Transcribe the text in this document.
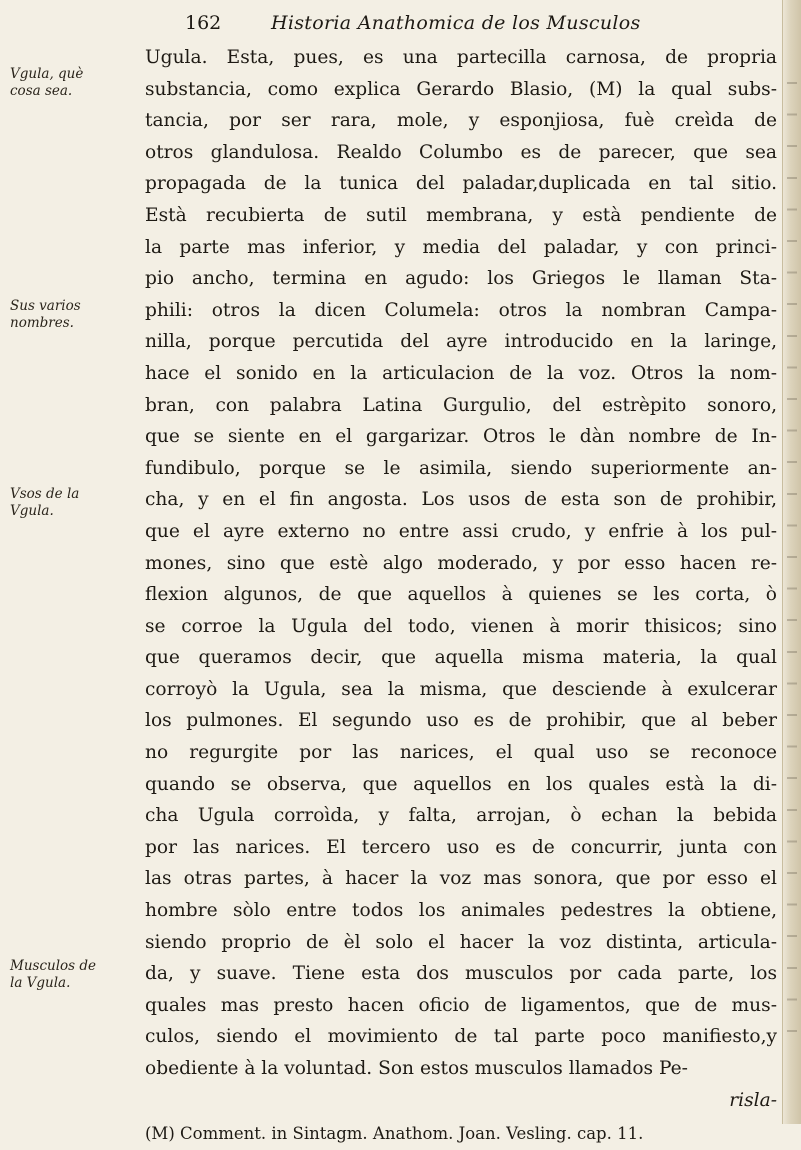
162	Historia Anathomica de los Musculos
Vgula, què
cosa sea.
Sus varios
nombres.
Vsos de la
Vgula.
Musculos de
la Vgula.
Ugula. Esta, pues, es una partecilla carnosa, de propria
substancia, como explica Gerardo Blasio, (M) la qual subs-
tancia, por ser rara, mole, y esponjiosa, fuè creìda de
otros glandulosa. Realdo Columbo es de parecer, que sea
propagada de la tunica del paladar,duplicada en tal sitio.
Està recubierta de sutil membrana, y està pendiente de
la parte mas inferior, y media del paladar, y con princi-
pio ancho, termina en agudo: los Griegos le llaman Sta-
phili: otros la dicen Columela: otros la nombran Campa-
nilla, porque percutida del ayre introducido en la laringe,
hace el sonido en la articulacion de la voz. Otros la nom-
bran, con palabra Latina Gurgulio, del estrèpito sonoro,
que se siente en el gargarizar. Otros le dàn nombre de In-
fundibulo, porque se le asimila, siendo superiormente an-
cha, y en el fin angosta. Los usos de esta son de prohibir,
que el ayre externo no entre assi crudo, y enfrie à los pul-
mones, sino que estè algo moderado, y por esso hacen re-
flexion algunos, de que aquellos à quienes se les corta, ò
se corroe la Ugula del todo, vienen à morir thisicos; sino
que queramos decir, que aquella misma materia, la qual
corroyò la Ugula, sea la misma, que desciende à exulcerar
los pulmones. El segundo uso es de prohibir, que al beber
no regurgite por las narices, el qual uso se reconoce
quando se observa, que aquellos en los quales està la di-
cha Ugula corroìda, y falta, arrojan, ò echan la bebida
por las narices. El tercero uso es de concurrir, junta con
las otras partes, à hacer la voz mas sonora, que por esso el
hombre sòlo entre todos los animales pedestres la obtiene,
siendo proprio de èl solo el hacer la voz distinta, articula-
da, y suave. Tiene esta dos musculos por cada parte, los
quales mas presto hacen oficio de ligamentos, que de mus-
culos, siendo el movimiento de tal parte poco manifiesto,y
obediente à la voluntad. Son estos musculos llamados Pe-
risla-
(M) Comment. in Sintagm. Anathom. Joan. Vesling. cap. 11.
